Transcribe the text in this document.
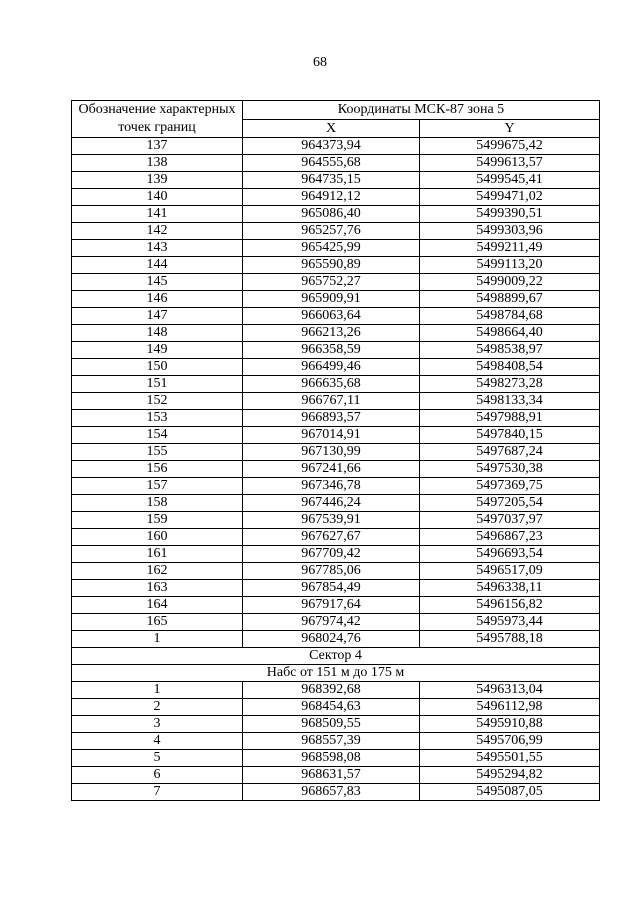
68
Обозначение характерных точек границ	Координаты МСК-87 зона 5	
	X	Y
137	964373,94	5499675,42
138	964555,68	5499613,57
139	964735,15	5499545,41
140	964912,12	5499471,02
141	965086,40	5499390,51
142	965257,76	5499303,96
143	965425,99	5499211,49
144	965590,89	5499113,20
145	965752,27	5499009,22
146	965909,91	5498899,67
147	966063,64	5498784,68
148	966213,26	5498664,40
149	966358,59	5498538,97
150	966499,46	5498408,54
151	966635,68	5498273,28
152	966767,11	5498133,34
153	966893,57	5497988,91
154	967014,91	5497840,15
155	967130,99	5497687,24
156	967241,66	5497530,38
157	967346,78	5497369,75
158	967446,24	5497205,54
159	967539,91	5497037,97
160	967627,67	5496867,23
161	967709,42	5496693,54
162	967785,06	5496517,09
163	967854,49	5496338,11
164	967917,64	5496156,82
165	967974,42	5495973,44
1	968024,76	5495788,18
Сектор 4		
Набс от 151 м до 175 м		
1	968392,68	5496313,04
2	968454,63	5496112,98
3	968509,55	5495910,88
4	968557,39	5495706,99
5	968598,08	5495501,55
6	968631,57	5495294,82
7	968657,83	5495087,05
